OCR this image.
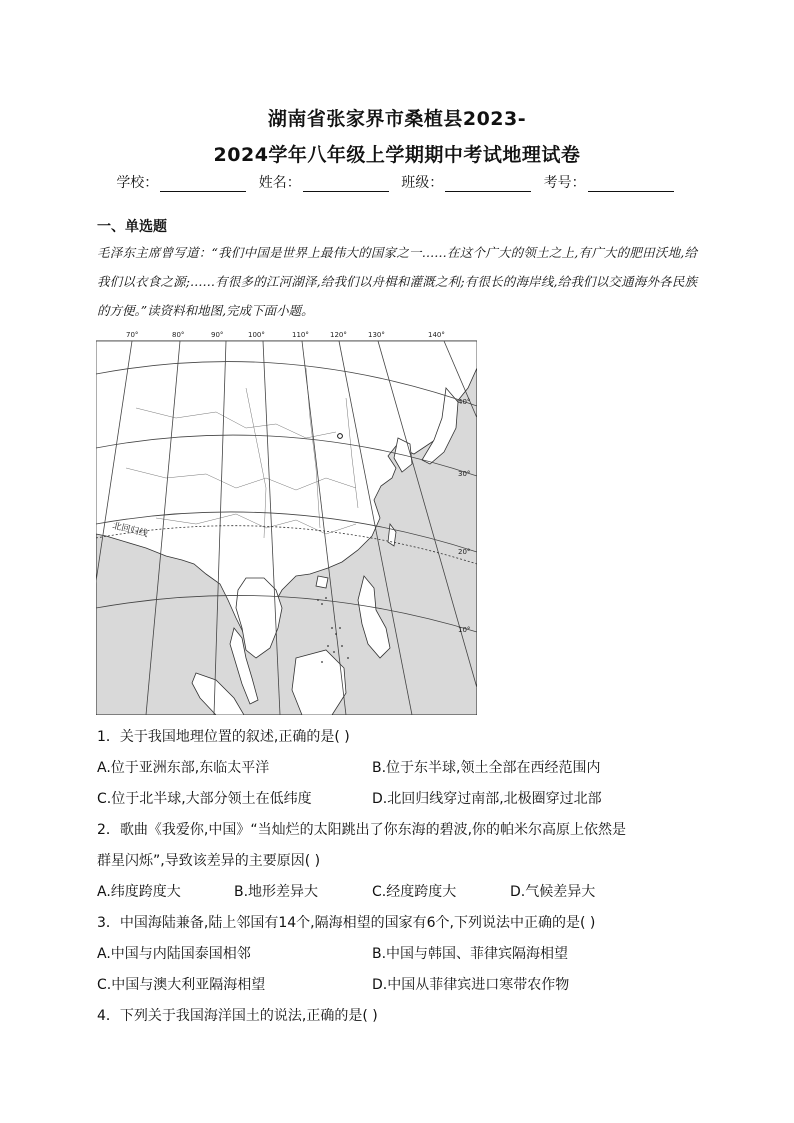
湖南省张家界市桑植县2023-
2024学年八年级上学期期中考试地理试卷
学校：	姓名：	班级：	考号：
一、单选题
毛泽东主席曾写道：“我们中国是世界上最伟大的国家之一……在这个广大的领土之上,有广大的肥田沃地,给我们以衣食之源;……有很多的江河湖泽,给我们以舟楫和灌溉之利;有很长的海岸线,给我们以交通海外各民族的方便。”读资料和地图,完成下面小题。
70°	80°	90°	100°	110°	120°	130°	140°
40°
30°
20°
10°
北回归线
1．关于我国地理位置的叙述,正确的是( )
A.位于亚洲东部,东临太平洋	B.位于东半球,领土全部在西经范围内
C.位于北半球,大部分领土在低纬度	D.北回归线穿过南部,北极圈穿过北部
2．歌曲《我爱你,中国》“当灿烂的太阳跳出了你东海的碧波,你的帕米尔高原上依然是
群星闪烁”,导致该差异的主要原因( )
A.纬度跨度大	B.地形差异大	C.经度跨度大	D.气候差异大
3．中国海陆兼备,陆上邻国有14个,隔海相望的国家有6个,下列说法中正确的是( )
A.中国与内陆国泰国相邻	B.中国与韩国、菲律宾隔海相望
C.中国与澳大利亚隔海相望	D.中国从菲律宾进口寒带农作物
4．下列关于我国海洋国土的说法,正确的是( )
